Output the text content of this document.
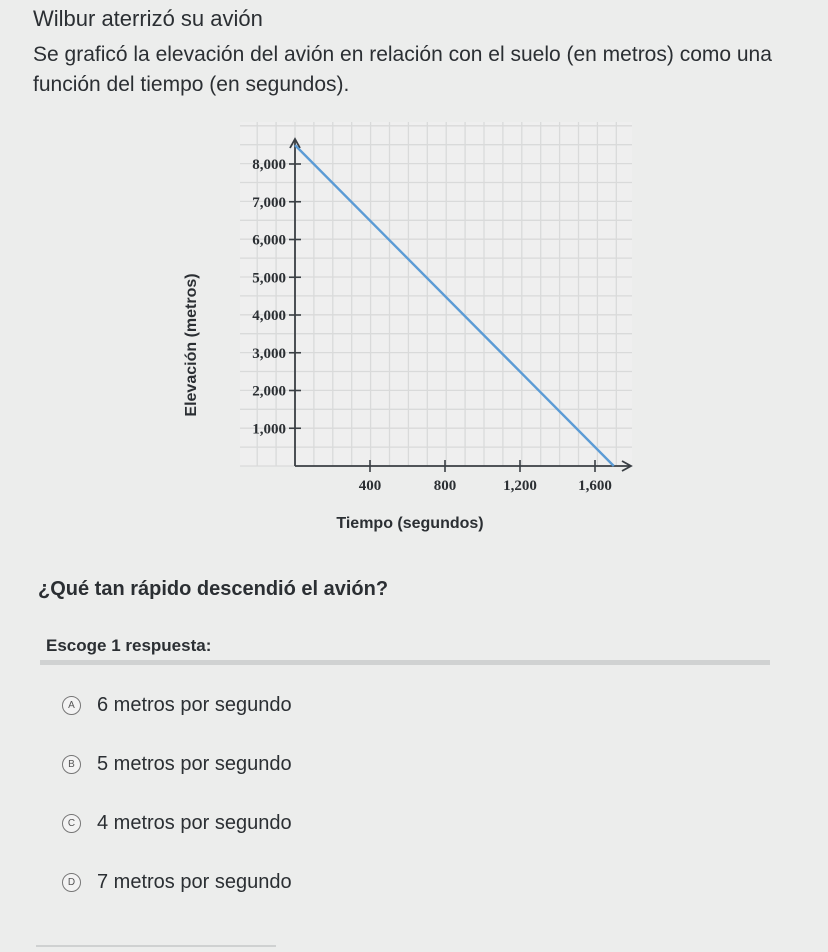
Wilbur aterrizó su avión
Se graficó la elevación del avión en relación con el suelo (en metros) como una función del tiempo (en segundos).
1,000
2,000
3,000
4,000
5,000
6,000
7,000
8,000
400	800	1,200	1,600
Tiempo (segundos)
Elevación (metros)
¿Qué tan rápido descendió el avión?
Escoge 1 respuesta:
A	6 metros por segundo
B	5 metros por segundo
C 4 metros por segundo
D 7 metros por segundo
